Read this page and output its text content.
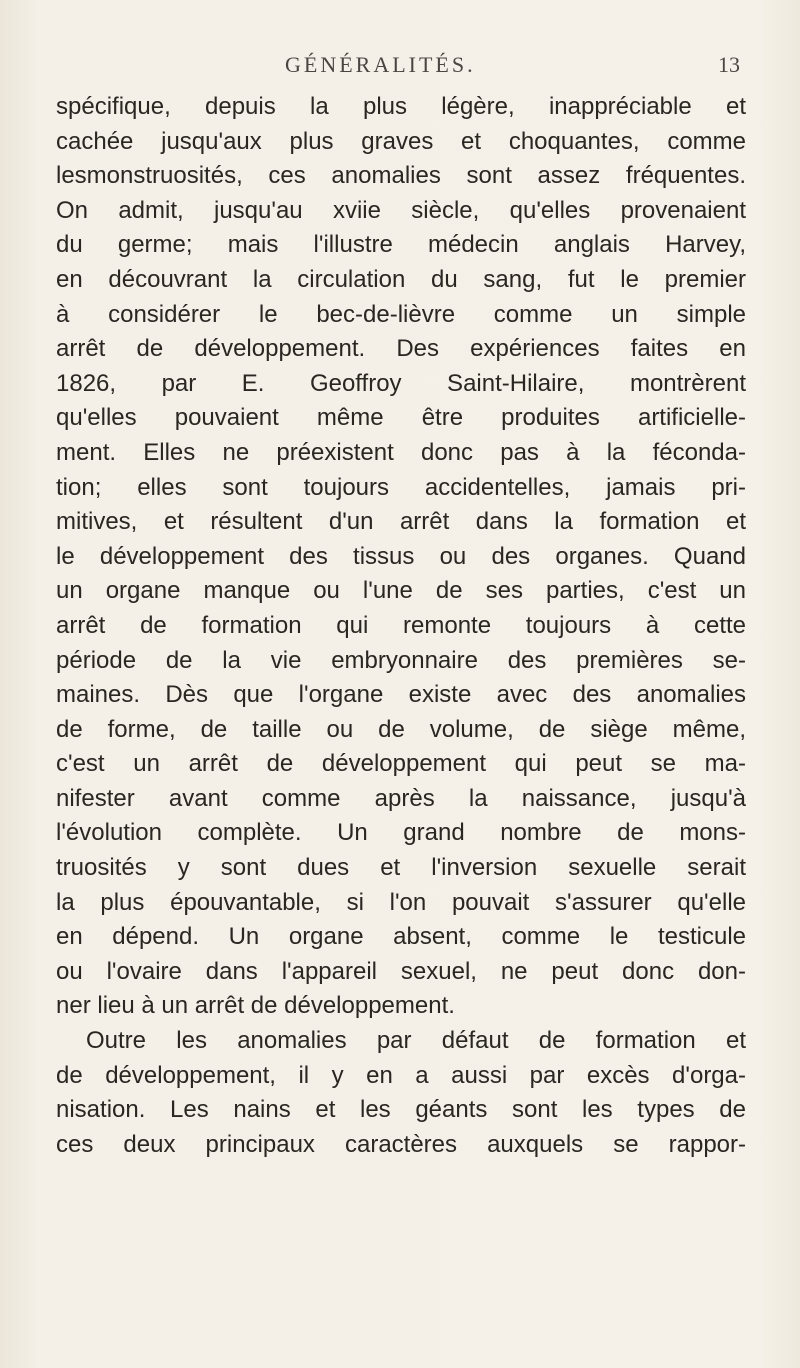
GÉNÉRALITÉS.	13
spécifique, depuis la plus légère, inappréciable et
cachée jusqu'aux plus graves et choquantes, comme
lesmonstruosités, ces anomalies sont assez fréquentes.
On admit, jusqu'au xviie siècle, qu'elles provenaient
du germe; mais l'illustre médecin anglais Harvey,
en découvrant la circulation du sang, fut le premier
à considérer le bec-de-lièvre comme un simple
arrêt de développement. Des expériences faites en
1826, par E. Geoffroy Saint-Hilaire, montrèrent
qu'elles pouvaient même être produites artificielle-
ment. Elles ne préexistent donc pas à la féconda-
tion; elles sont toujours accidentelles, jamais pri-
mitives, et résultent d'un arrêt dans la formation et
le développement des tissus ou des organes. Quand
un organe manque ou l'une de ses parties, c'est un
arrêt de formation qui remonte toujours à cette
période de la vie embryonnaire des premières se-
maines. Dès que l'organe existe avec des anomalies
de forme, de taille ou de volume, de siège même,
c'est un arrêt de développement qui peut se ma-
nifester avant comme après la naissance, jusqu'à
l'évolution complète. Un grand nombre de mons-
truosités y sont dues et l'inversion sexuelle serait
la plus épouvantable, si l'on pouvait s'assurer qu'elle
en dépend. Un organe absent, comme le testicule
ou l'ovaire dans l'appareil sexuel, ne peut donc don-
ner lieu à un arrêt de développement.
Outre les anomalies par défaut de formation et
de développement, il y en a aussi par excès d'orga-
nisation. Les nains et les géants sont les types de
ces deux principaux caractères auxquels se rappor-
